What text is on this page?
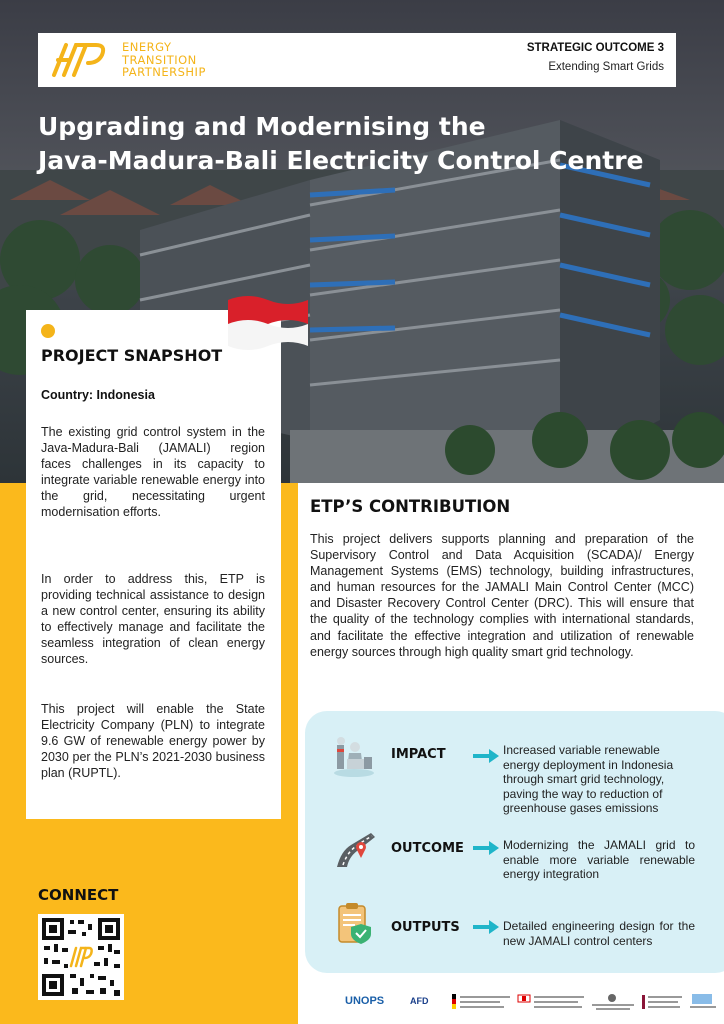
ENERGY
TRANSITION
PARTNERSHIP
STRATEGIC OUTCOME 3
Extending Smart Grids
Upgrading and Modernising the
Java-Madura-Bali Electricity Control Centre
PROJECT SNAPSHOT
Country: Indonesia

The existing grid control system in the Java-Madura-Bali (JAMALI) region faces challenges in its capacity to integrate variable renewable energy into the grid, necessitating urgent modernisation efforts.

In order to address this, ETP is providing technical assistance to design a new control center, ensuring its ability to effectively manage and facilitate the seamless integration of clean energy sources.

This project will enable the State Electricity Company (PLN) to integrate 9.6 GW of renewable energy power by 2030 per the PLN’s 2021-2030 business plan (RUPTL).

CONNECT
ETP’S CONTRIBUTION

This project delivers supports planning and preparation of the Supervisory Control and Data Acquisition (SCADA)/ Energy Management Systems (EMS) technology, building infrastructures, and human resources for the JAMALI Main Control Center (MCC) and Disaster Recovery Control Center (DRC). This will ensure that the quality of the technology complies with international standards, and facilitate the effective integration and utilization of renewable energy sources through high quality smart grid technology.

IMPACT	Increased variable renewable energy deployment in Indonesia through smart grid technology, paving the way to reduction of greenhouse gases emissions
OUTCOME	Modernizing the JAMALI grid to enable more variable renewable energy integration
OUTPUTS	Detailed engineering design for the new JAMALI control centers
UNOPS	AFD
